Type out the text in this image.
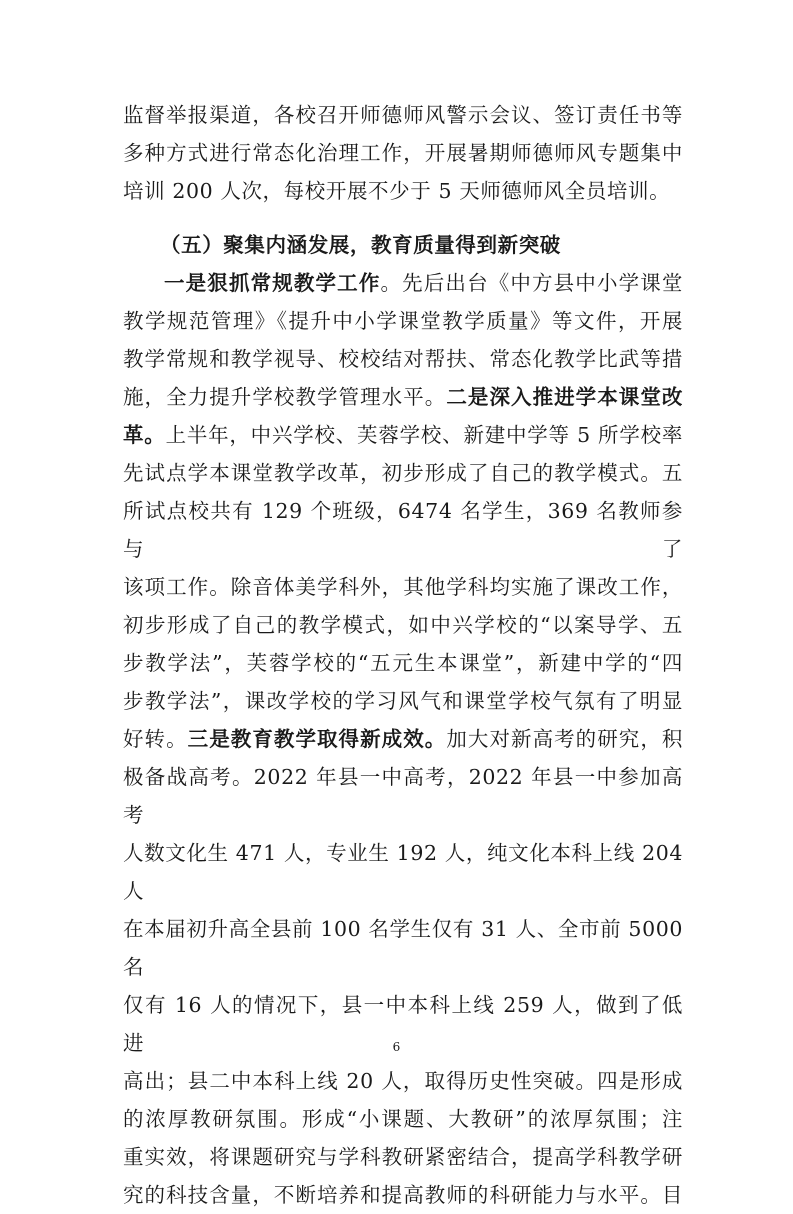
监督举报渠道，各校召开师德师风警示会议、签订责任书等
多种方式进行常态化治理工作，开展暑期师德师风专题集中
培训 200 人次，每校开展不少于 5 天师德师风全员培训。

（五）聚集内涵发展，教育质量得到新突破

一是狠抓常规教学工作。先后出台《中方县中小学课堂
教学规范管理》《提升中小学课堂教学质量》等文件，开展
教学常规和教学视导、校校结对帮扶、常态化教学比武等措
施，全力提升学校教学管理水平。二是深入推进学本课堂改
革。上半年，中兴学校、芙蓉学校、新建中学等 5 所学校率
先试点学本课堂教学改革，初步形成了自己的教学模式。五
所试点校共有 129 个班级，6474 名学生，369 名教师参与了
该项工作。除音体美学科外，其他学科均实施了课改工作，
初步形成了自己的教学模式，如中兴学校的“以案导学、五
步教学法”，芙蓉学校的“五元生本课堂”，新建中学的“四
步教学法”，课改学校的学习风气和课堂学校气氛有了明显
好转。三是教育教学取得新成效。加大对新高考的研究，积
极备战高考。2022 年县一中高考，2022 年县一中参加高考
人数文化生 471 人，专业生 192 人，纯文化本科上线 204 人
在本届初升高全县前 100 名学生仅有 31 人、全市前 5000 名
仅有 16 人的情况下，县一中本科上线 259 人，做到了低进
高出；县二中本科上线 20 人，取得历史性突破。四是形成
的浓厚教研氛围。形成“小课题、大教研”的浓厚氛围；注
重实效，将课题研究与学科教研紧密结合，提高学科教学研
究的科技含量，不断培养和提高教师的科研能力与水平。目

6
